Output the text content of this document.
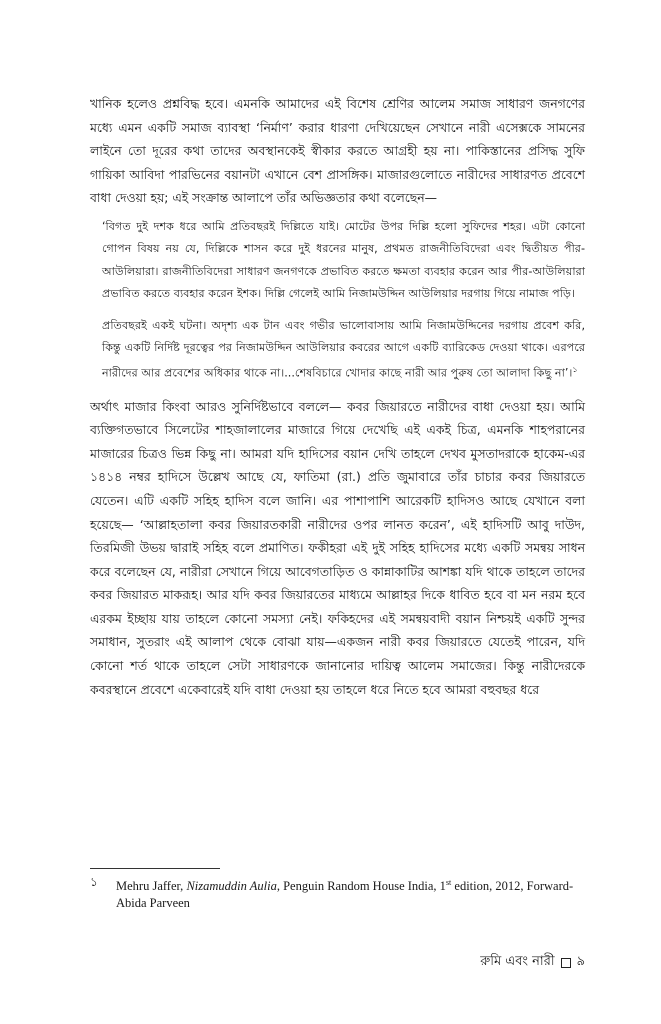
খানিক হলেও প্রশ্নবিদ্ধ হবে। এমনকি আমাদের এই বিশেষ শ্রেণির আলেম সমাজ সাধারণ জনগণের মধ্যে এমন একটি সমাজ ব্যাবস্থা ‘নির্মাণ’ করার ধারণা দেখিয়েছেন সেখানে নারী এসেক্সকে সামনের লাইনে তো দূরের কথা তাদের অবস্থানকেই স্বীকার করতে আগ্রহী হয় না। পাকিস্তানের প্রসিদ্ধ সুফি গায়িকা আবিদা পারভিনের বয়ানটা এখানে বেশ প্রাসঙ্গিক। মাজারগুলোতে নারীদের সাধারণত প্রবেশে বাধা দেওয়া হয়; এই সংক্রান্ত আলাপে তাঁর অভিজ্ঞতার কথা বলেছেন—

‘বিগত দুই দশক ধরে আমি প্রতিবছরই দিল্লিতে যাই। মোটের উপর দিল্লি হলো সুফিদের শহর। এটা কোনো গোপন বিষয় নয় যে, দিল্লিকে শাসন করে দুই ধরনের মানুষ, প্রথমত রাজনীতিবিদেরা এবং দ্বিতীয়ত পীর-আউলিয়ারা। রাজনীতিবিদেরা সাধারণ জনগণকে প্রভাবিত করতে ক্ষমতা ব্যবহার করেন আর পীর-আউলিয়ারা প্রভাবিত করতে ব্যবহার করেন ইশক। দিল্লি গেলেই আমি নিজামউদ্দিন আউলিয়ার দরগায় গিয়ে নামাজ পড়ি।

প্রতিবছরই একই ঘটনা। অদৃশ্য এক টান এবং গভীর ভালোবাসায় আমি নিজামউদ্দিনের দরগায় প্রবেশ করি, কিন্তু একটি নির্দিষ্ট দূরত্বের পর নিজামউদ্দিন আউলিয়ার কবরের আগে একটি ব্যারিকেড দেওয়া থাকে। এরপরে নারীদের আর প্রবেশের অধিকার থাকে না।...শেষবিচারে খোদার কাছে নারী আর পুরুষ তো আলাদা কিছু না’।$^১$

অর্থাৎ মাজার কিংবা আরও সুনির্দিষ্টভাবে বললে— কবর জিয়ারতে নারীদের বাধা দেওয়া হয়। আমি ব্যক্তিগতভাবে সিলেটের শাহজালালের মাজারে গিয়ে দেখেছি এই একই চিত্র, এমনকি শাহপরানের মাজারের চিত্রও ভিন্ন কিছু না। আমরা যদি হাদিসের বয়ান দেখি তাহলে দেখব মুসতাদরাকে হাকেম-এর ১৪১৪ নম্বর হাদিসে উল্লেখ আছে যে, ফাতিমা (রা.) প্রতি জুমাবারে তাঁর চাচার কবর জিয়ারতে যেতেন। এটি একটি সহিহ হাদিস বলে জানি। এর পাশাপাশি আরেকটি হাদিসও আছে যেখানে বলা হয়েছে— ‘আল্লাহতালা কবর জিয়ারতকারী নারীদের ওপর লানত করেন’, এই হাদিসটি আবু দাউদ, তিরমিজী উভয় দ্বারাই সহিহ বলে প্রমাণিত। ফকীহরা এই দুই সহিহ হাদিসের মধ্যে একটি সমন্বয় সাধন করে বলেছেন যে, নারীরা সেখানে গিয়ে আবেগতাড়িত ও কান্নাকাটির আশঙ্কা যদি থাকে তাহলে তাদের কবর জিয়ারত মাকরূহ। আর যদি কবর জিয়ারতের মাধ্যমে আল্লাহর দিকে ধাবিত হবে বা মন নরম হবে এরকম ইচ্ছায় যায় তাহলে কোনো সমস্যা নেই। ফকিহদের এই সমন্বয়বাদী বয়ান নিশ্চয়ই একটি সুন্দর সমাধান, সুতরাং এই আলাপ থেকে বোঝা যায়—একজন নারী কবর জিয়ারতে যেতেই পারেন, যদি কোনো শর্ত থাকে তাহলে সেটা সাধারণকে জানানোর দায়িত্ব আলেম সমাজের। কিন্তু নারীদেরকে কবরস্থানে প্রবেশে একেবারেই যদি বাধা দেওয়া হয় তাহলে ধরে নিতে হবে আমরা বহুবছর ধরে

১	Mehru Jaffer, Nizamuddin Aulia, Penguin Random House India, 1st edition, 2012, Forward-Abida Parveen
রুমি এবং নারী ৯
